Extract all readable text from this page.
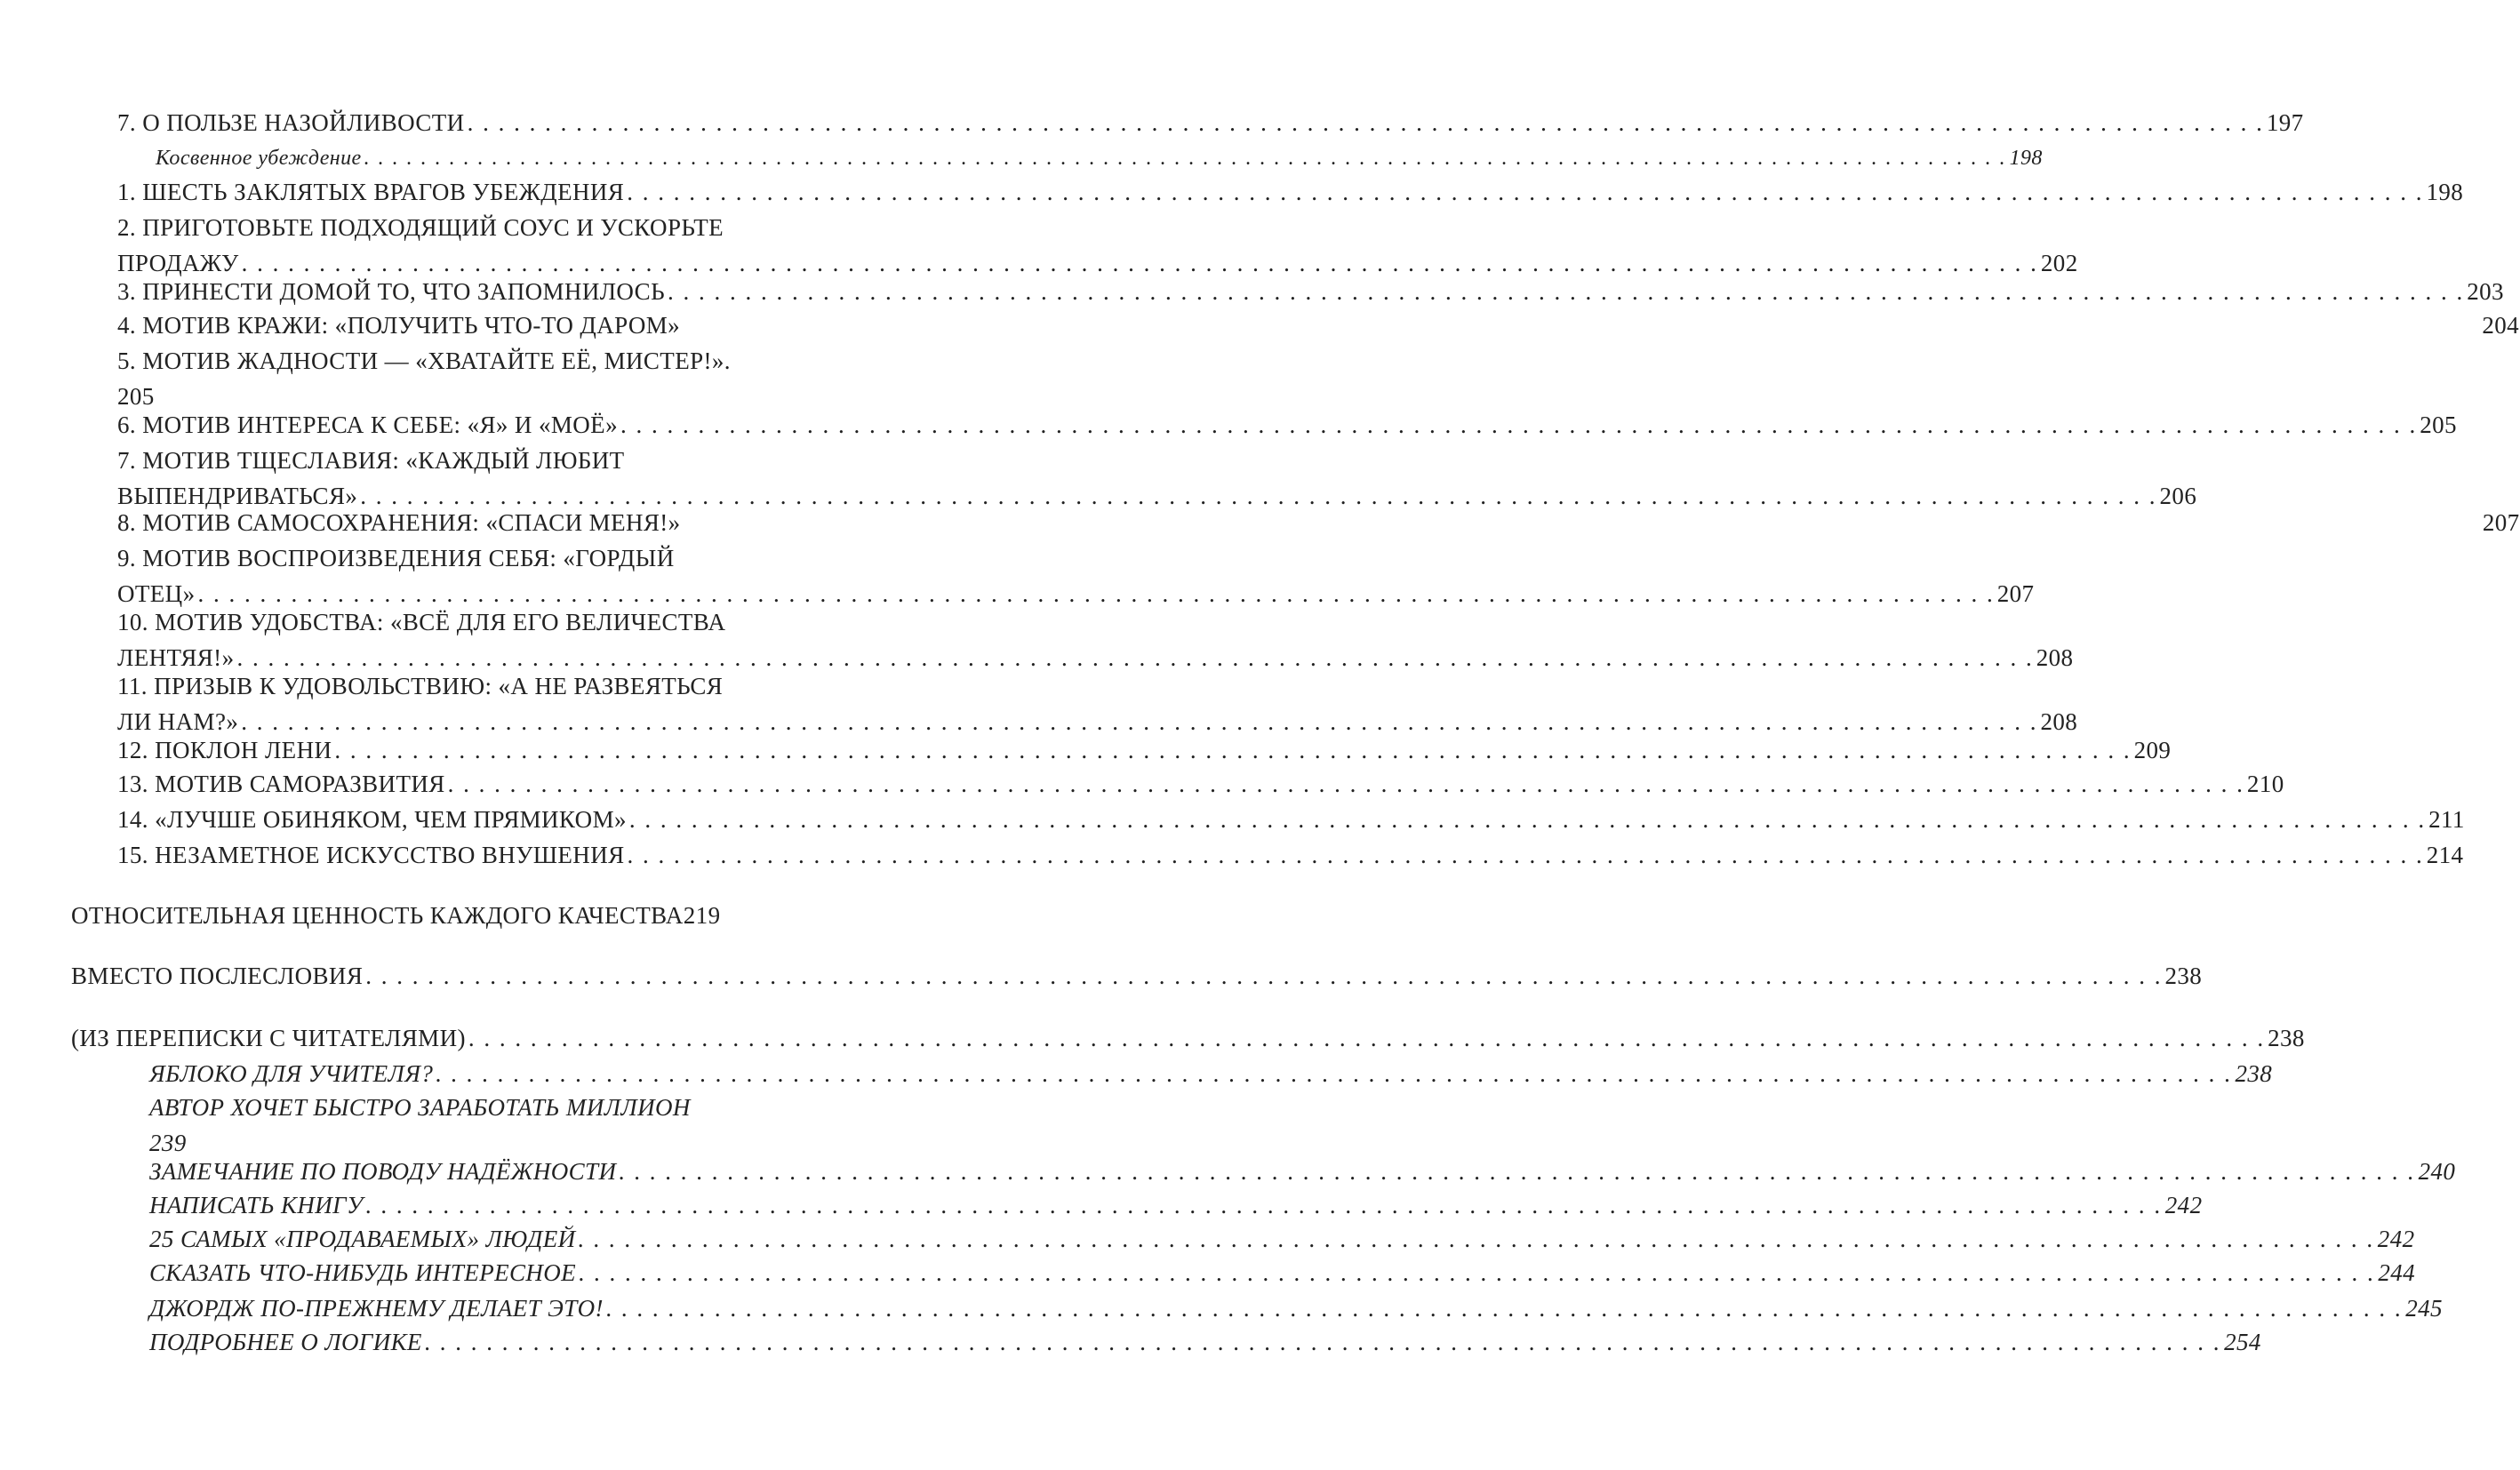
7. О ПОЛЬЗЕ НАЗОЙЛИВОСТИ . . .	197
Косвенное убеждение . . .	198
1. ШЕСТЬ ЗАКЛЯТЫХ ВРАГОВ УБЕЖДЕНИЯ . . .	198
2. ПРИГОТОВЬТЕ ПОДХОДЯЩИЙ СОУС И УСКОРЬТЕ
ПРОДАЖУ . . .	202
3. ПРИНЕСТИ ДОМОЙ ТО, ЧТО ЗАПОМНИЛОСЬ . . .	203
4. МОТИВ КРАЖИ: «ПОЛУЧИТЬ ЧТО-ТО ДАРОМ»	204
5. МОТИВ ЖАДНОСТИ — «ХВАТАЙТЕ ЕЁ, МИСТЕР!».
205
6. МОТИВ ИНТЕРЕСА К СЕБЕ: «Я» И «МОЁ» . . .	205
7. МОТИВ ТЩЕСЛАВИЯ: «КАЖДЫЙ ЛЮБИТ
ВЫПЕНДРИВАТЬСЯ» . . .	206
8. МОТИВ САМОСОХРАНЕНИЯ: «СПАСИ МЕНЯ!»	207
9. МОТИВ ВОСПРОИЗВЕДЕНИЯ СЕБЯ: «ГОРДЫЙ
ОТЕЦ» . . .	207
10. МОТИВ УДОБСТВА: «ВСЁ ДЛЯ ЕГО ВЕЛИЧЕСТВА
ЛЕНТЯЯ!» . . .	208
11. ПРИЗЫВ К УДОВОЛЬСТВИЮ: «А НЕ РАЗВЕЯТЬСЯ
ЛИ НАМ?» . . .	208
12. ПОКЛОН ЛЕНИ . . .	209
13. МОТИВ САМОРАЗВИТИЯ . . .	210
14. «ЛУЧШЕ ОБИНЯКОМ, ЧЕМ ПРЯМИКОМ» . . .	211
15. НЕЗАМЕТНОЕ ИСКУССТВО ВНУШЕНИЯ . . .	214
ОТНОСИТЕЛЬНАЯ ЦЕННОСТЬ КАЖДОГО КАЧЕСТВА219
ВМЕСТО ПОСЛЕСЛОВИЯ . . .	238
(ИЗ ПЕРЕПИСКИ С ЧИТАТЕЛЯМИ) . . .	238
ЯБЛОКО ДЛЯ УЧИТЕЛЯ? . . .	238
АВТОР ХОЧЕТ БЫСТРО ЗАРАБОТАТЬ МИЛЛИОН
239
ЗАМЕЧАНИЕ ПО ПОВОДУ НАДЁЖНОСТИ . . .	240
НАПИСАТЬ КНИГУ . . .	242
25 САМЫХ «ПРОДАВАЕМЫХ» ЛЮДЕЙ . . .	242
СКАЗАТЬ ЧТО-НИБУДЬ ИНТЕРЕСНОЕ . . .	244
ДЖОРДЖ ПО-ПРЕЖНЕМУ ДЕЛАЕТ ЭТО! . . .	245
ПОДРОБНЕЕ О ЛОГИКЕ . . .	254
